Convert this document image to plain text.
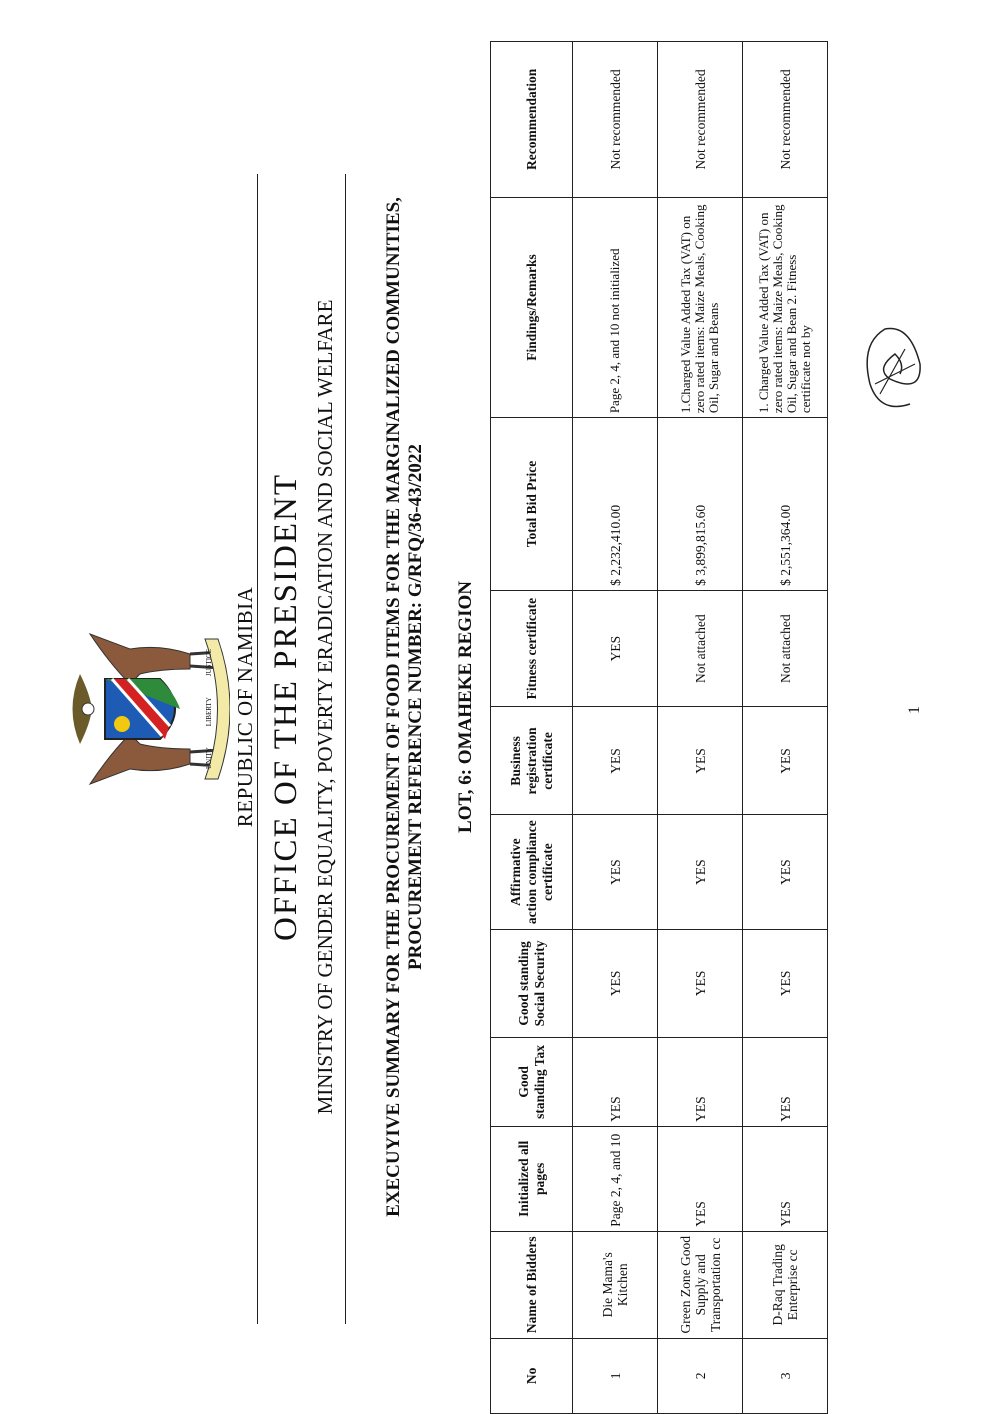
UNITY
LIBERTY
JUSTICE REPUBLIC OF NAMIBIA OFFICE OF THE PRESIDENT MINISTRY OF GENDER EQUALITY, POVERTY ERADICATION AND SOCIAL WELFARE EXECUYIVE SUMMARY FOR THE PROCUREMENT OF FOOD ITEMS FOR THE MARGINALIZED COMMUNITIES, PROCUREMENT REFERENCE NUMBER: G/RFQ/36-43/2022 LOT, 6: OMAHEKE REGION
No	Name of Bidders	Initialized all pages	Good standing Tax	Good standing Social Security	Affirmative action compliance certificate	Business registration certificate	Fitness certificate	Total Bid Price	Findings/Remarks	Recommendation
1	Die Mama's Kitchen	Page 2, 4, and 10	YES	YES	YES	YES	YES	$ 2,232,410.00	Page 2, 4, and 10 not initialized	Not recommended
2	Green Zone Good Supply and Transportation cc	YES	YES	YES	YES	YES	Not attached	$ 3,899,815.60	1.Charged Value Added Tax (VAT) on zero rated items: Maize Meals, Cooking Oil, Sugar and Beans	Not recommended
3	D-Raq Trading Enterprise cc	YES	YES	YES	YES	YES	Not attached	$ 2,551,364.00	1. Charged Value Added Tax (VAT) on zero rated items: Maize Meals, Cooking Oil, Sugar and Bean 2. Fitness certificate not by	Not recommended
1
